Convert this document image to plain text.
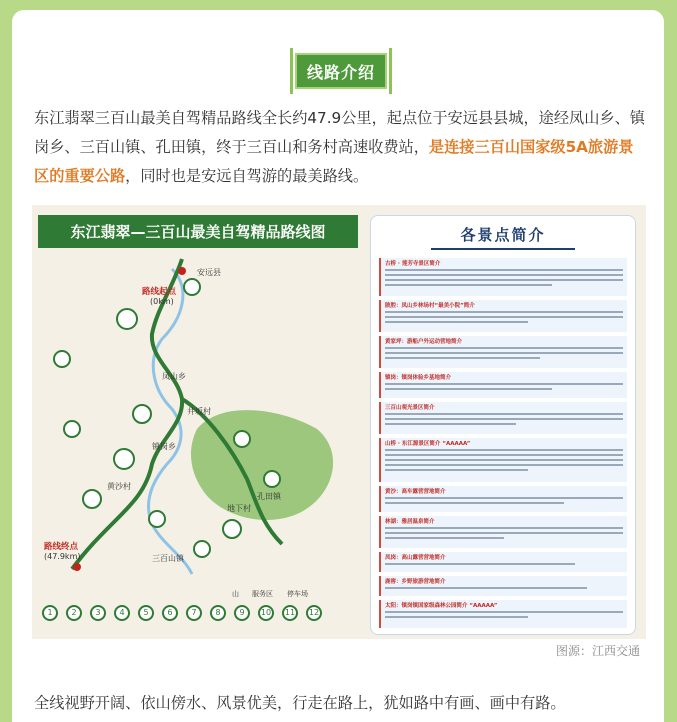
线路介绍
东江翡翠三百山最美自驾精品路线全长约47.9公里，起点位于安远县县城，途经凤山乡、镇岗乡、三百山镇、孔田镇，终于三百山和务村高速收费站，是连接三百山国家级5A旅游景区的重要公路，同时也是安远自驾游的最美路线。
东江翡翠—三百山最美自驾精品路线图
安远县
路线起点
(0km)
凤山乡
井坂村
镇岗乡
黄沙村
三百山镇
孔田镇
地下村
路线终点
(47.9km)
1	2	3	4	5	6	7	8	9	10	11	12
山 服务区 停车场
各景点简介
古桥 · 莲芳寺景区简介
陂腔：凤山乡林场村“最美小院”简介
黄家坪：游船户外运动营地简介
镇岗：镇岗体验乡基地简介
三百山观光景区简介
山桥 · 东江源景区简介 “AAAAA”
黄沙：高车露营营地简介
林湖：雅居温泉简介
凤岗：高山露营营地简介
鹿窖：乡野旅游营地简介
太阳：镇岗镇国家级森林公园简介 “AAAAA”
图源：江西交通
全线视野开阔、依山傍水、风景优美，行走在路上，犹如路中有画、画中有路。
